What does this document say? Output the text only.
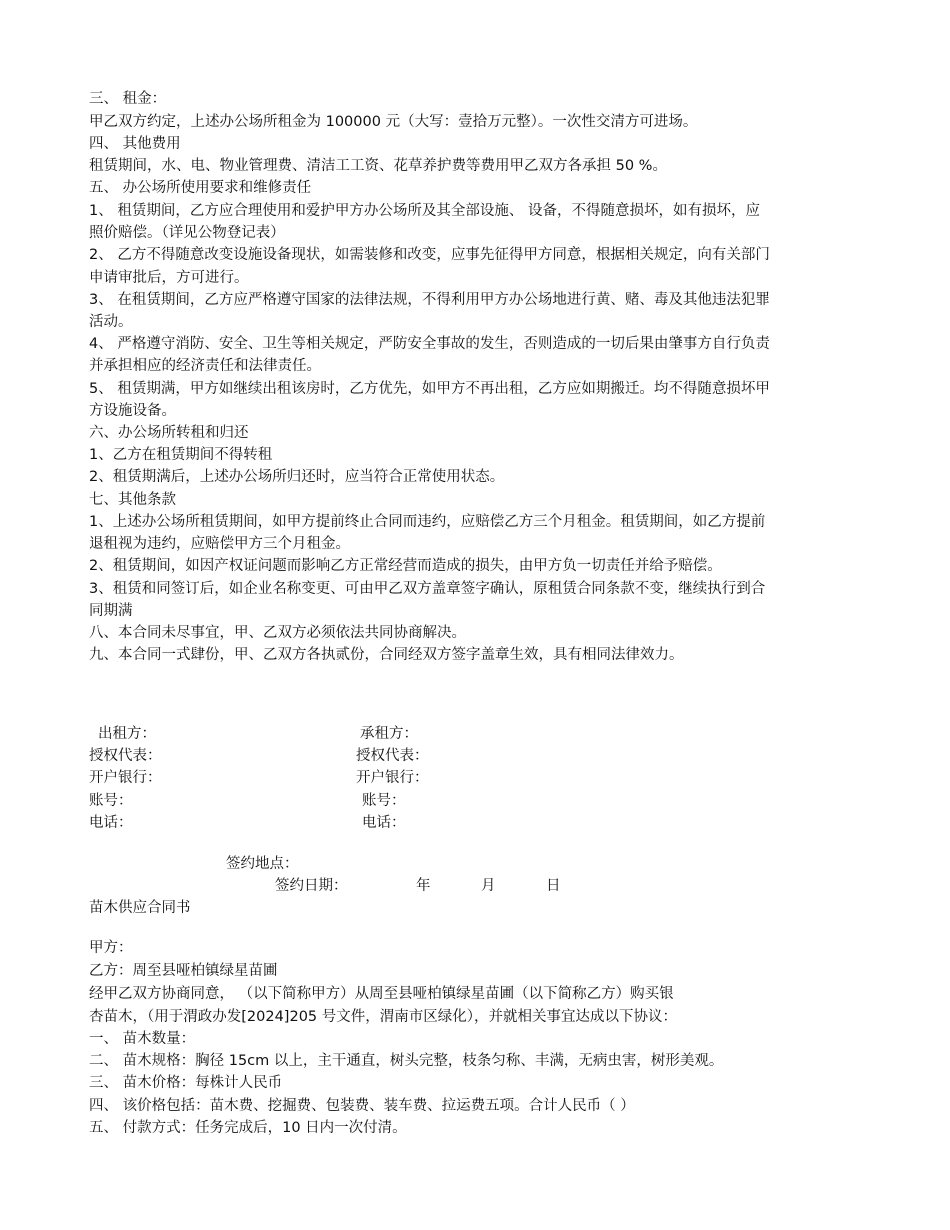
三、 租金：
甲乙双方约定，上述办公场所租金为 100000 元（大写：壹拾万元整）。一次性交清方可进场。
四、 其他费用
租赁期间，水、电、物业管理费、清洁工工资、花草养护费等费用甲乙双方各承担 50 %。
五、 办公场所使用要求和维修责任
1、 租赁期间，乙方应合理使用和爱护甲方办公场所及其全部设施、 设备，不得随意损坏，如有损坏，应
照价赔偿。（详见公物登记表）
2、 乙方不得随意改变设施设备现状，如需装修和改变，应事先征得甲方同意，根据相关规定，向有关部门
申请审批后，方可进行。
3、 在租赁期间，乙方应严格遵守国家的法律法规，不得利用甲方办公场地进行黄、赌、毒及其他违法犯罪
活动。
4、 严格遵守消防、安全、卫生等相关规定，严防安全事故的发生，否则造成的一切后果由肇事方自行负责
并承担相应的经济责任和法律责任。
5、 租赁期满，甲方如继续出租该房时，乙方优先，如甲方不再出租，乙方应如期搬迁。均不得随意损坏甲
方设施设备。
六、办公场所转租和归还
1、乙方在租赁期间不得转租
2、租赁期满后，上述办公场所归还时，应当符合正常使用状态。
七、其他条款
1、上述办公场所租赁期间，如甲方提前终止合同而违约，应赔偿乙方三个月租金。租赁期间，如乙方提前
退租视为违约，应赔偿甲方三个月租金。
2、租赁期间，如因产权证问题而影响乙方正常经营而造成的损失，由甲方负一切责任并给予赔偿。
3、租赁和同签订后，如企业名称变更、可由甲乙双方盖章签字确认，原租赁合同条款不变，继续执行到合
同期满
八、本合同未尽事宜，甲、乙双方必须依法共同协商解决。
九、本合同一式肆份，甲、乙双方各执贰份，合同经双方签字盖章生效，具有相同法律效力。
出租方：	承租方：
授权代表：	授权代表：
开户银行：	开户银行：
账号：	账号：
电话：	电话：
签约地点：
签约日期：	年	月	日
苗木供应合同书
甲方：
乙方：周至县哑柏镇绿星苗圃
经甲乙双方协商同意， （以下简称甲方）从周至县哑柏镇绿星苗圃（以下简称乙方）购买银
杏苗木，（用于渭政办发[2024]205 号文件，渭南市区绿化），并就相关事宜达成以下协议：
一、 苗木数量：
二、 苗木规格：胸径 15cm 以上，主干通直，树头完整，枝条匀称、丰满，无病虫害，树形美观。
三、 苗木价格：每株计人民币
四、 该价格包括：苗木费、挖掘费、包装费、装车费、拉运费五项。合计人民币（ ）
五、 付款方式：任务完成后，10 日内一次付清。
